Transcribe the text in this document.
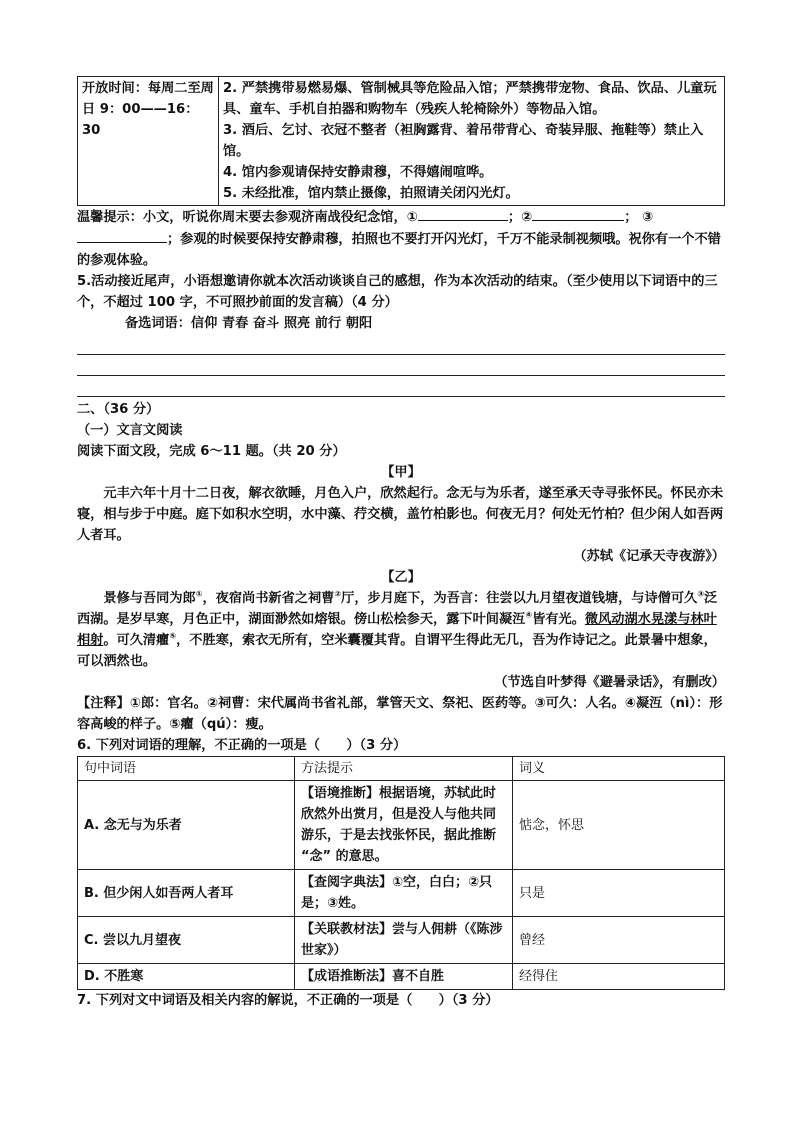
开放时间：每周二至周日 9：00——16：30	

2. 严禁携带易燃易爆、管制械具等危险品入馆；严禁携带宠物、食品、饮品、儿童玩具、童车、手机自拍器和购物车（残疾人轮椅除外）等物品入馆。

3. 酒后、乞讨、衣冠不整者（袒胸露背、着吊带背心、奇装异服、拖鞋等）禁止入馆。

4. 馆内参观请保持安静肃穆，不得嬉闹喧哗。

5. 未经批准，馆内禁止摄像，拍照请关闭闪光灯。

温馨提示：小文，听说你周末要去参观济南战役纪念馆，①	；②	； ③；参观的时候要保持安静肃穆，拍照也不要打开闪光灯，千万不能录制视频哦。祝你有一个不错的参观体验。

5.活动接近尾声，小语想邀请你就本次活动谈谈自己的感想，作为本次活动的结束。（至少使用以下词语中的三个，不超过 100 字，不可照抄前面的发言稿）（4 分）

备选词语：信仰 青春 奋斗 照亮 前行 朝阳

二、（36 分）

（一）文言文阅读

阅读下面文段，完成 6～11 题。（共 20 分）

【甲】

元丰六年十月十二日夜，解衣欲睡，月色入户，欣然起行。念无与为乐者，遂至承天寺寻张怀民。怀民亦未寝，相与步于中庭。庭下如积水空明，水中藻、荇交横，盖竹柏影也。何夜无月？何处无竹柏？但少闲人如吾两人者耳。

（苏轼《记承天寺夜游》）

【乙】

景修与吾同为郎①，夜宿尚书新省之祠曹②厅，步月庭下，为吾言：往尝以九月望夜道钱塘，与诗僧可久③泛西湖。是岁早寒，月色正中，湖面渺然如熔银。傍山松桧参天，露下叶间凝沍④皆有光。微风动湖水晃漾与林叶相射。可久清癯⑤，不胜寒，索衣无所有，空米囊覆其背。自谓平生得此无几，吾为作诗记之。此景暑中想象，可以洒然也。

（节选自叶梦得《避暑录话》，有删改）

【注释】①郎：官名。②祠曹：宋代属尚书省礼部，掌管天文、祭祀、医药等。③可久：人名。④凝沍（nì）：形容高峻的样子。⑤癯（qú）：瘦。

6. 下列对词语的理解，不正确的一项是（　　）（3 分）

句中词语	方法提示	词义
A. 念无与为乐者	【语境推断】根据语境，苏轼此时欣然外出赏月，但是没人与他共同游乐，于是去找张怀民，据此推断 “念” 的意思。	惦念，怀思
B. 但少闲人如吾两人者耳	【查阅字典法】①空，白白；②只是；③姓。	只是
C. 尝以九月望夜	【关联教材法】尝与人佣耕（《陈涉世家》）	曾经
D. 不胜寒	【成语推断法】喜不自胜	经得住

7. 下列对文中词语及相关内容的解说，不正确的一项是（　　）（3 分）
